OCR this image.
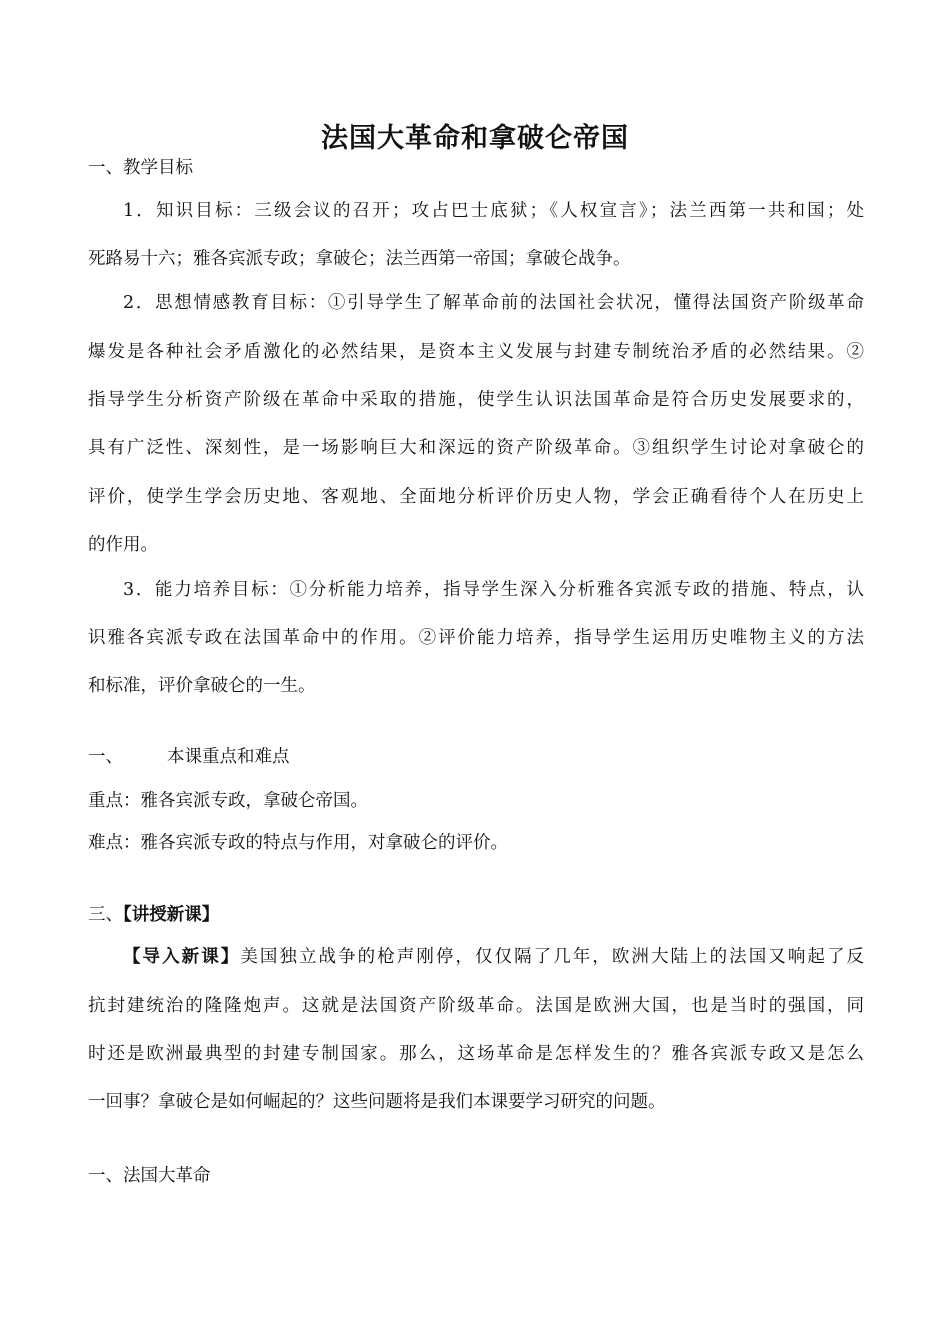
法国大革命和拿破仑帝国
一、教学目标
1．知识目标：三级会议的召开；攻占巴士底狱；《人权宣言》；法兰西第一共和国；处
死路易十六；雅各宾派专政；拿破仑；法兰西第一帝国；拿破仑战争。
2．思想情感教育目标：①引导学生了解革命前的法国社会状况，懂得法国资产阶级革命
爆发是各种社会矛盾激化的必然结果，是资本主义发展与封建专制统治矛盾的必然结果。②
指导学生分析资产阶级在革命中采取的措施，使学生认识法国革命是符合历史发展要求的，
具有广泛性、深刻性，是一场影响巨大和深远的资产阶级革命。③组织学生讨论对拿破仑的
评价，使学生学会历史地、客观地、全面地分析评价历史人物，学会正确看待个人在历史上
的作用。
3．能力培养目标：①分析能力培养，指导学生深入分析雅各宾派专政的措施、特点，认
识雅各宾派专政在法国革命中的作用。②评价能力培养，指导学生运用历史唯物主义的方法
和标准，评价拿破仑的一生。
一、	本课重点和难点
重点：雅各宾派专政，拿破仑帝国。
难点：雅各宾派专政的特点与作用，对拿破仑的评价。
三、【讲授新课】
【导入新课】美国独立战争的枪声刚停，仅仅隔了几年，欧洲大陆上的法国又响起了反
抗封建统治的隆隆炮声。这就是法国资产阶级革命。法国是欧洲大国，也是当时的强国，同
时还是欧洲最典型的封建专制国家。那么，这场革命是怎样发生的？雅各宾派专政又是怎么
一回事？拿破仑是如何崛起的？这些问题将是我们本课要学习研究的问题。
一、法国大革命
